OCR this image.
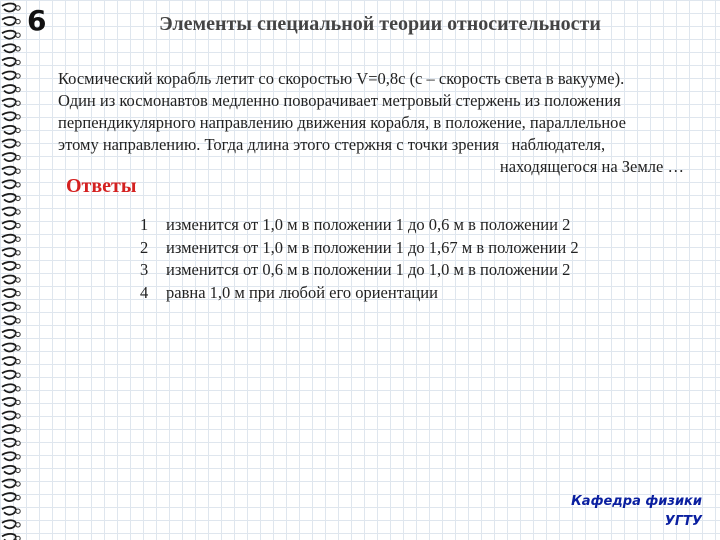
6	Элементы специальной теории относительности
Космический корабль летит со скоростью V=0,8c (c – скорость света в вакууме).
Один из космонавтов медленно поворачивает метровый стержень из положения
перпендикулярного направлению движения корабля, в положение, параллельное
этому направлению. Тогда длина этого стержня с точки зрения наблюдателя,
находящегося на Земле …
Ответы
1	изменится от 1,0 м в положении 1 до 0,6 м в положении 2
2	изменится от 1,0 м в положении 1 до 1,67 м в положении 2
3	изменится от 0,6 м в положении 1 до 1,0 м в положении 2
4	равна 1,0 м при любой его ориентации
Кафедра физики
УГТУ
